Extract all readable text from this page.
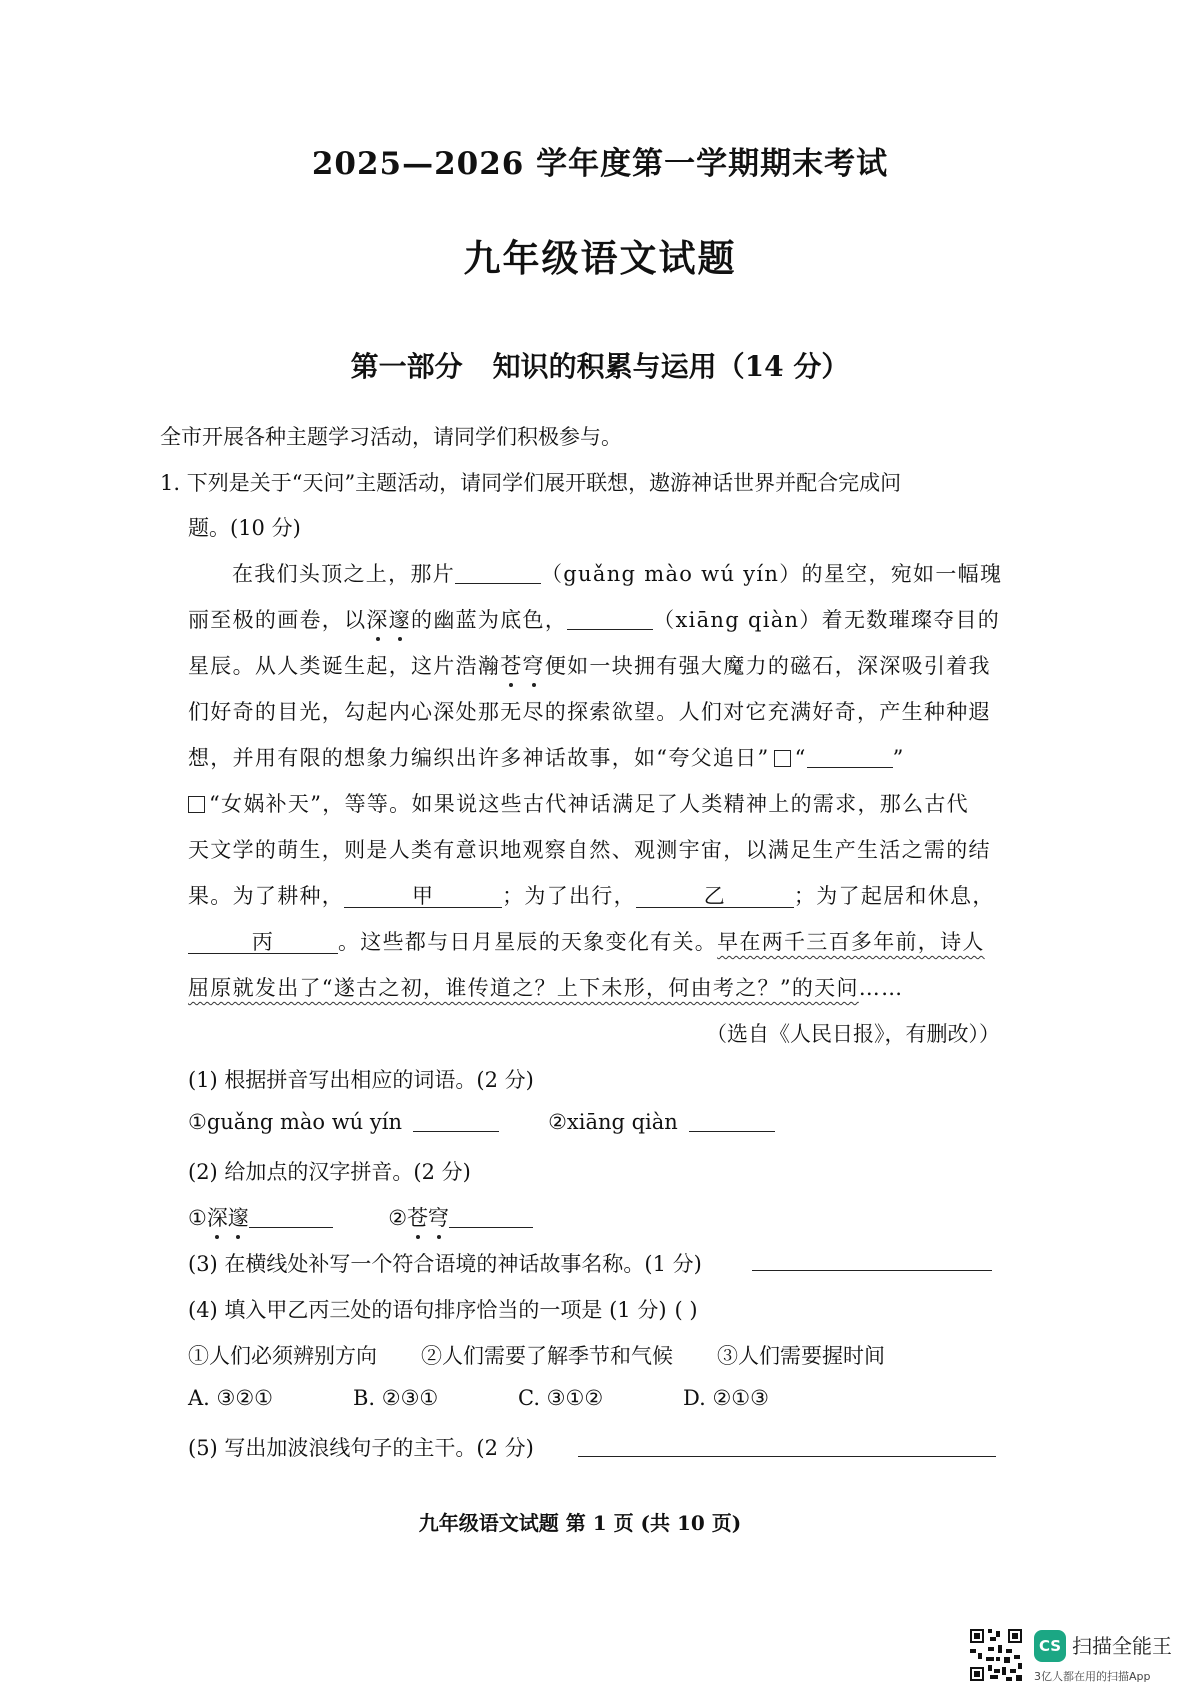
2025—2026 学年度第一学期期末考试
九年级语文试题
第一部分 知识的积累与运用（14 分）
全市开展各种主题学习活动，请同学们积极参与。
1. 下列是关于“天问”主题活动，请同学们展开联想，遨游神话世界并配合完成问
题。(10 分)
在我们头顶之上，那片	（guǎng mào wú yín）的星空，宛如一幅瑰
丽至极的画卷，以深邃的幽蓝为底色，	（xiāng qiàn）着无数璀璨夺目的
星辰。从人类诞生起，这片浩瀚苍穹便如一块拥有强大魔力的磁石，深深吸引着我
们好奇的目光，勾起内心深处那无尽的探索欲望。人们对它充满好奇，产生种种遐
想，并用有限的想象力编织出许多神话故事，如“夸父追日” “	”
“女娲补天”，等等。如果说这些古代神话满足了人类精神上的需求，那么古代
天文学的萌生，则是人类有意识地观察自然、观测宇宙，以满足生产生活之需的结
果。为了耕种，	甲	；为了出行，	乙	；为了起居和休息，
丙	。这些都与日月星辰的天象变化有关。早在两千三百多年前，诗人
屈原就发出了“遂古之初，谁传道之？上下未形，何由考之？”的天问……
（选自《人民日报》，有删改））
(1) 根据拼音写出相应的词语。(2 分)
①guǎng mào wú yín	②xiāng qiàn
(2) 给加点的汉字拼音。(2 分)
①深邃	②苍穹
(3) 在横线处补写一个符合语境的神话故事名称。(1 分)
(4) 填入甲乙丙三处的语句排序恰当的一项是 (1 分) ( )
①人们必须辨别方向 ②人们需要了解季节和气候 ③人们需要握时间
A. ③②①	B. ②③①	C. ③①②	D. ②①③
(5) 写出加波浪线句子的主干。(2 分)
九年级语文试题 第 1 页 (共 10 页)
CS 扫描全能王
3亿人都在用的扫描App
